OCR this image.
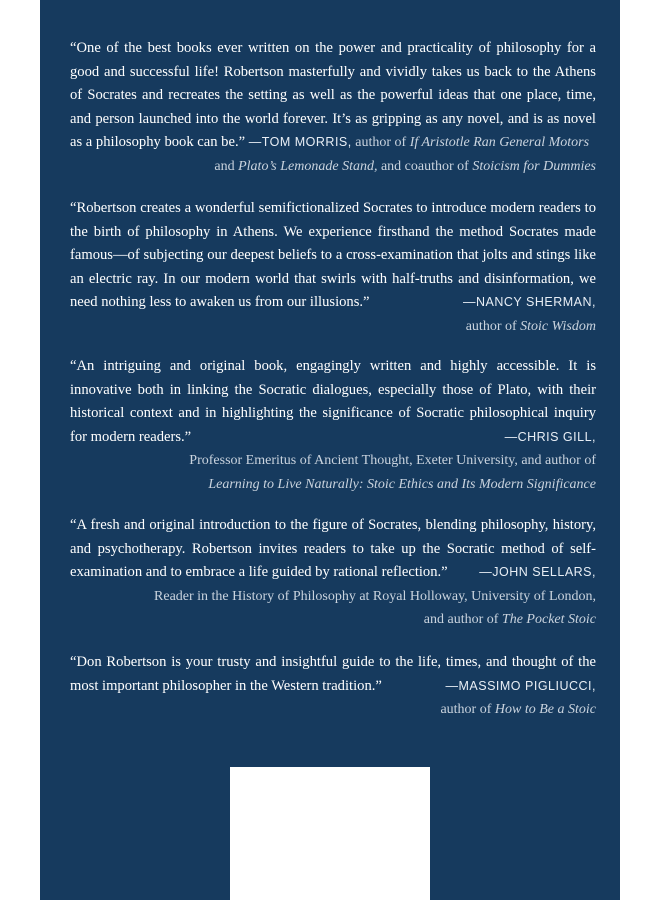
“One of the best books ever written on the power and practicality of philosophy for a good and successful life! Robertson masterfully and vividly takes us back to the Athens of Socrates and recreates the setting as well as the powerful ideas that one place, time, and person launched into the world forever. It’s as gripping as any novel, and is as novel as a philosophy book can be.” —TOM MORRIS, author of If Aristotle Ran General Motors

and Plato’s Lemonade Stand, and coauthor of Stoicism for Dummies

“Robertson creates a wonderful semifictionalized Socrates to introduce modern readers to the birth of philosophy in Athens. We experience firsthand the method Socrates made famous—of subjecting our deepest beliefs to a cross-examination that jolts and stings like an electric ray. In our modern world that swirls with half-truths and disinformation, we need nothing less to awaken us from our illusions.”	—NANCY SHERMAN,

author of Stoic Wisdom

“An intriguing and original book, engagingly written and highly accessible. It is innovative both in linking the Socratic dialogues, especially those of Plato, with their historical context and in highlighting the significance of Socratic philosophical inquiry for modern readers.”	—CHRIS GILL,

Professor Emeritus of Ancient Thought, Exeter University, and author of

Learning to Live Naturally: Stoic Ethics and Its Modern Significance

“A fresh and original introduction to the figure of Socrates, blending philosophy, history, and psychotherapy. Robertson invites readers to take up the Socratic method of self-examination and to embrace a life guided by rational reflection.”	—JOHN SELLARS,

Reader in the History of Philosophy at Royal Holloway, University of London,

and author of The Pocket Stoic

“Don Robertson is your trusty and insightful guide to the life, times, and thought of the most important philosopher in the Western tradition.”	—MASSIMO PIGLIUCCI,

author of How to Be a Stoic
